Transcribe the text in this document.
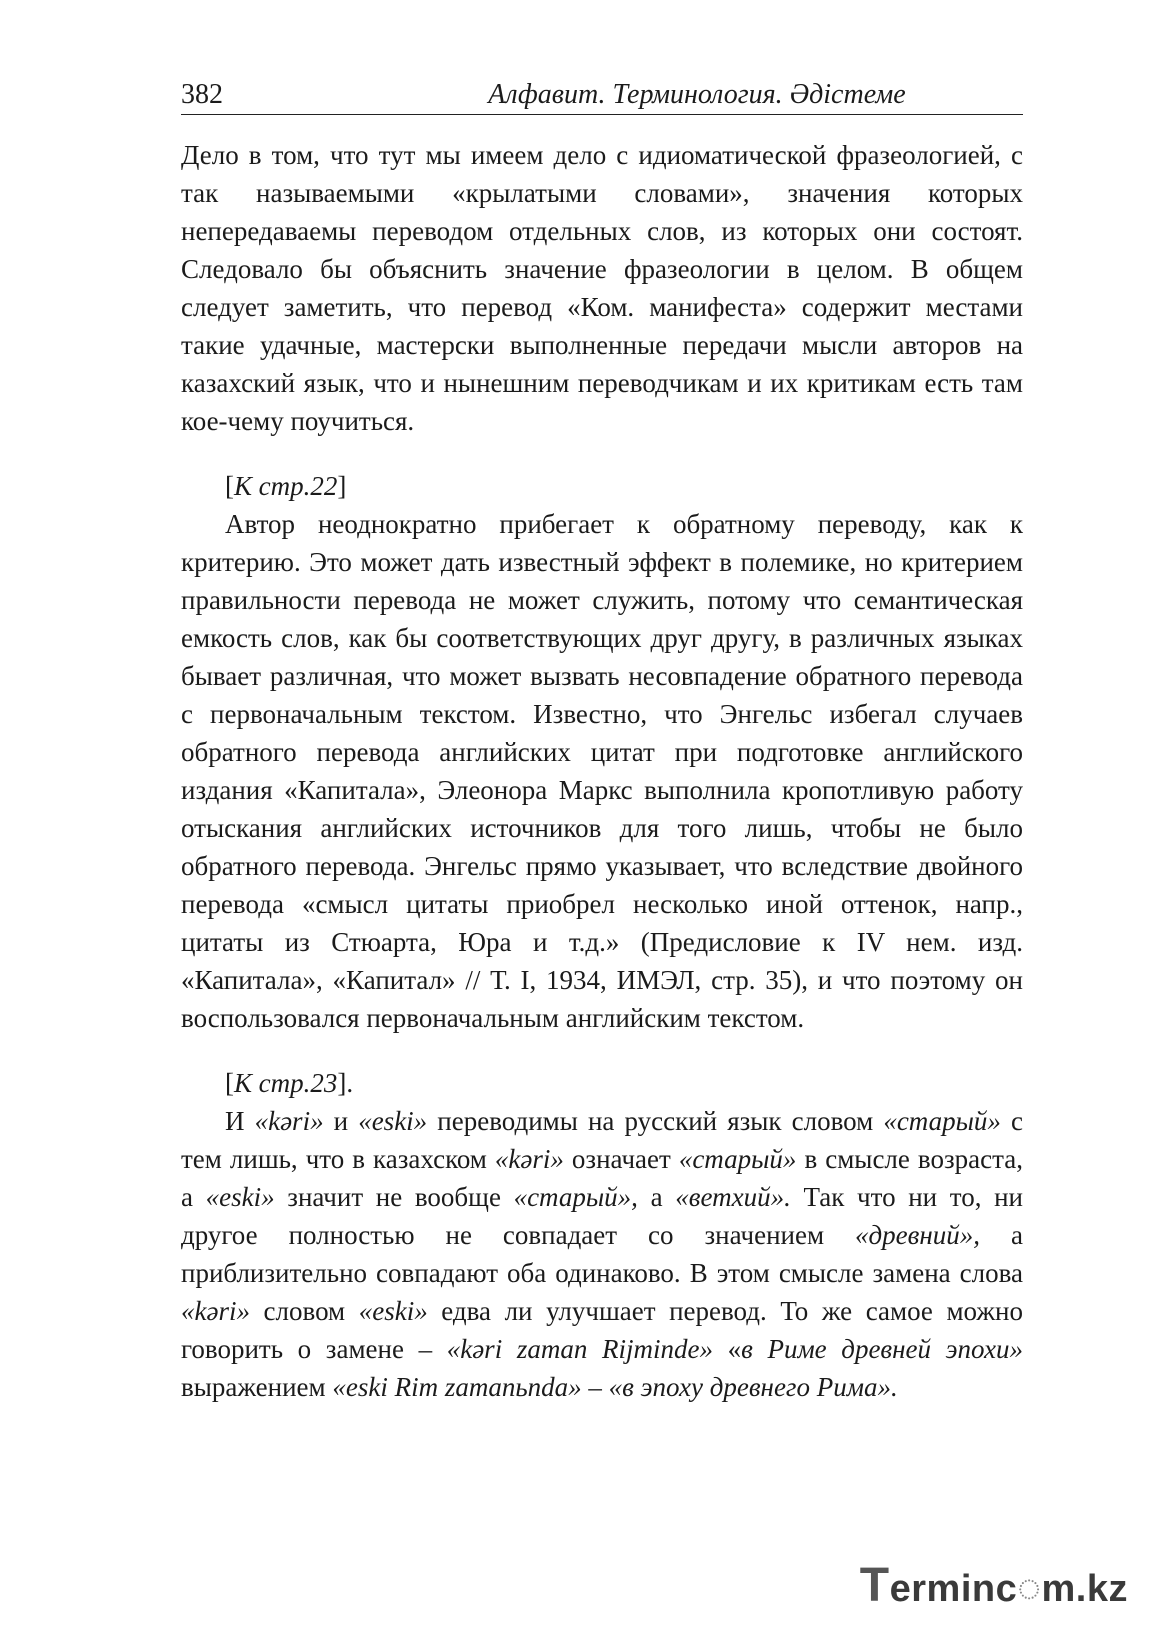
382	Алфавит. Терминология. Әдістеме

Дело в том, что тут мы имеем дело с идиоматической фразеологией, с так называемыми «крылатыми словами», значения которых непередаваемы переводом отдельных слов, из которых они состоят. Следовало бы объяснить значение фразеологии в целом. В общем следует заметить, что перевод «Ком. манифеста» содержит местами такие удачные, мастерски выполненные передачи мысли авторов на казахский язык, что и нынешним переводчикам и их критикам есть там кое-чему поучиться.

[К стр.22]

Автор неоднократно прибегает к обратному переводу, как к критерию. Это может дать известный эффект в полемике, но критерием правильности перевода не может служить, потому что семантическая емкость слов, как бы соответствующих друг другу, в различных языках бывает различная, что может вызвать несовпадение обратного перевода с первоначальным текстом. Известно, что Энгельс избегал случаев обратного перевода английских цитат при подготовке английского издания «Капитала», Элеонора Маркс выполнила кропотливую работу отыскания английских источников для того лишь, чтобы не было обратного перевода. Энгельс прямо указывает, что вследствие двойного перевода «смысл цитаты приобрел несколько иной оттенок, напр., цитаты из Стюарта, Юра и т.д.» (Предисловие к IV нем. изд. «Капитала», «Капитал» // Т. I, 1934, ИМЭЛ, стр. 35), и что поэтому он воспользовался первоначальным английским текстом.

[К стр.23].

И «kəri» и «eski» переводимы на русский язык словом «старый» с тем лишь, что в казахском «kəri» означает «старый» в смысле возраста, а «eski» значит не вообще «старый», а «ветхий». Так что ни то, ни другое полностью не совпадает со значением «древний», а приблизительно совпадают оба одинаково. В этом смысле замена слова «kəri» словом «eski» едва ли улучшает перевод. То же самое можно говорить о замене – «kəri zaman Rijminde» «в Риме древней эпохи» выражением «eski Rim zamanьnda» – «в эпоху древнего Рима».

Terminc◌m.kz
